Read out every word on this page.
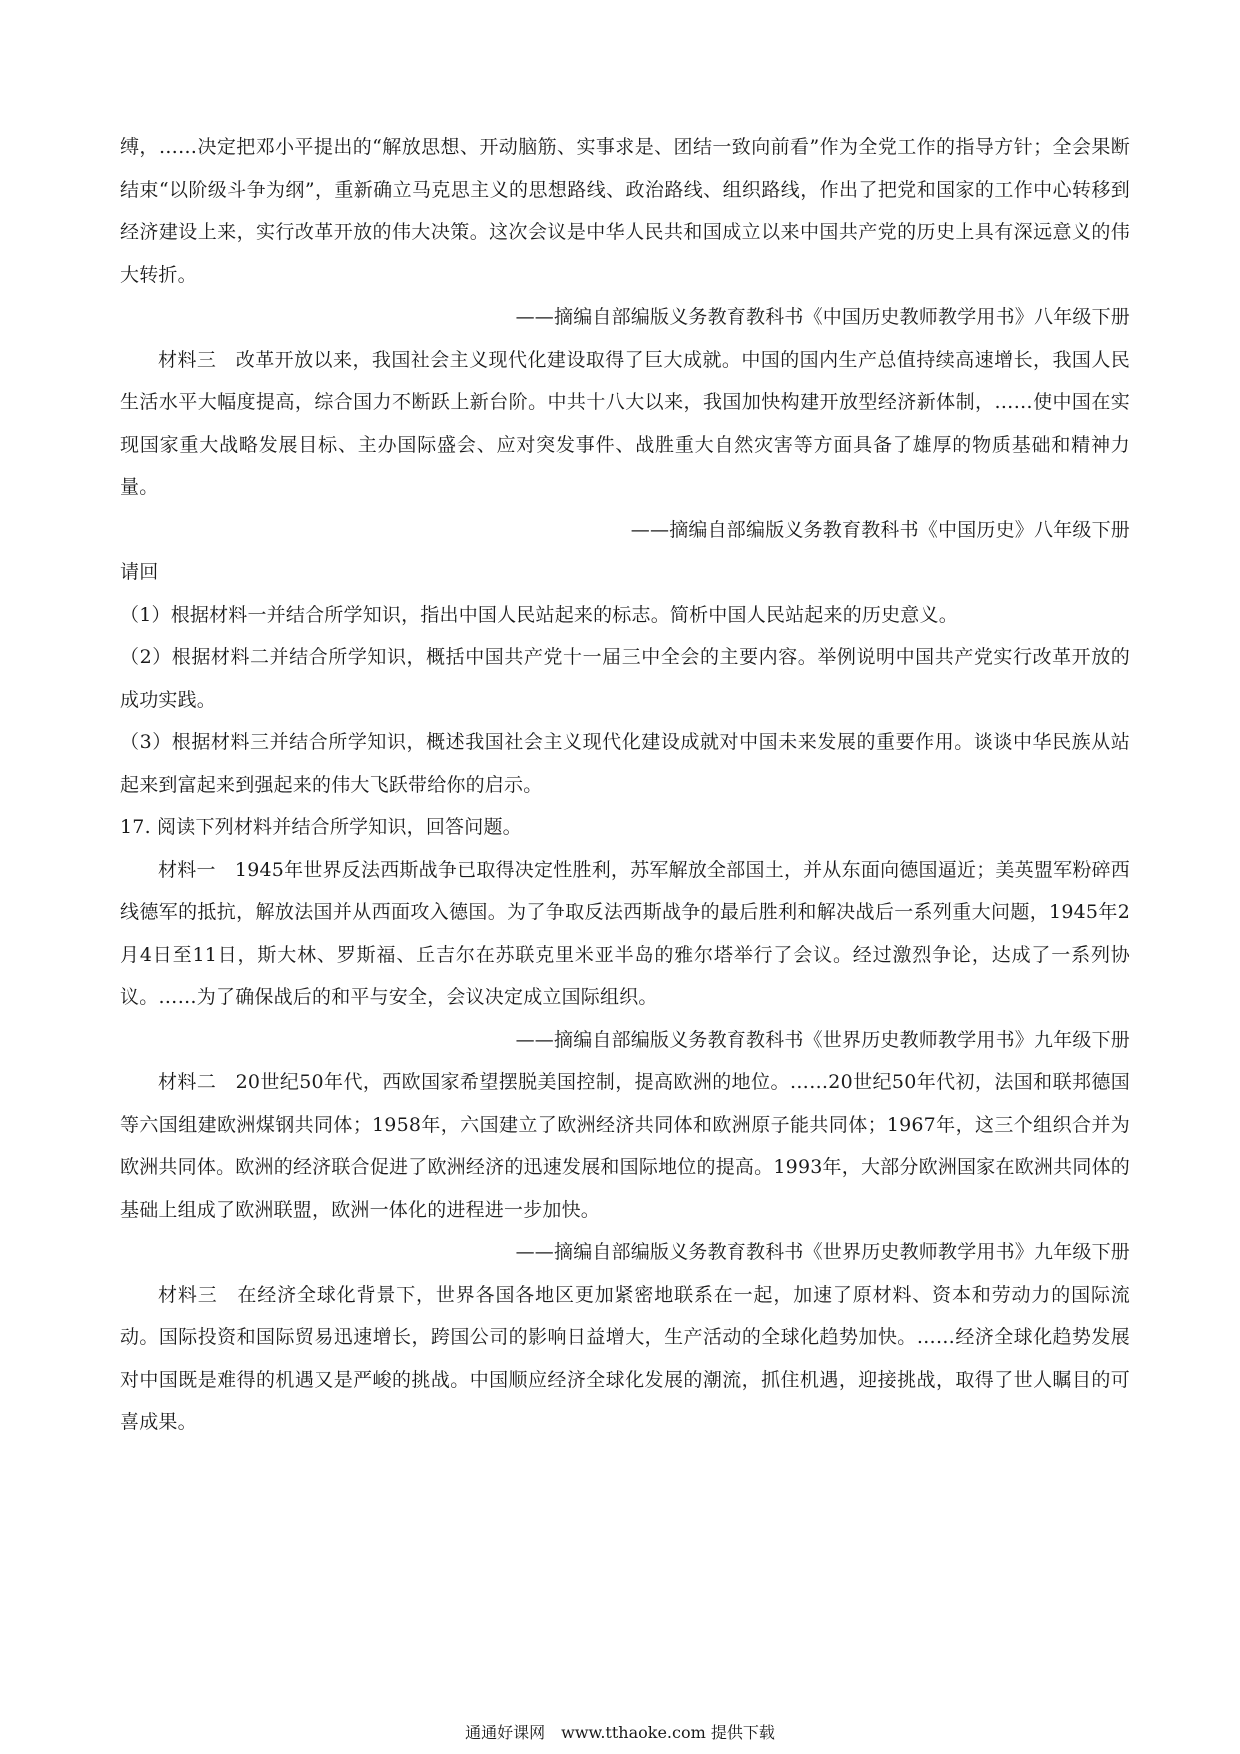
缚，……决定把邓小平提出的“解放思想、开动脑筋、实事求是、团结一致向前看”作为全党工作的指导方针；全会果断结束“以阶级斗争为纲”，重新确立马克思主义的思想路线、政治路线、组织路线，作出了把党和国家的工作中心转移到经济建设上来，实行改革开放的伟大决策。这次会议是中华人民共和国成立以来中国共产党的历史上具有深远意义的伟大转折。

——摘编自部编版义务教育教科书《中国历史教师教学用书》八年级下册

材料三　改革开放以来，我国社会主义现代化建设取得了巨大成就。中国的国内生产总值持续高速增长，我国人民生活水平大幅度提高，综合国力不断跃上新台阶。中共十八大以来，我国加快构建开放型经济新体制，……使中国在实现国家重大战略发展目标、主办国际盛会、应对突发事件、战胜重大自然灾害等方面具备了雄厚的物质基础和精神力量。

——摘编自部编版义务教育教科书《中国历史》八年级下册

请回

（1）根据材料一并结合所学知识，指出中国人民站起来的标志。简析中国人民站起来的历史意义。

（2）根据材料二并结合所学知识，概括中国共产党十一届三中全会的主要内容。举例说明中国共产党实行改革开放的成功实践。

（3）根据材料三并结合所学知识，概述我国社会主义现代化建设成就对中国未来发展的重要作用。谈谈中华民族从站起来到富起来到强起来的伟大飞跃带给你的启示。

17. 阅读下列材料并结合所学知识，回答问题。

材料一　1945年世界反法西斯战争已取得决定性胜利，苏军解放全部国土，并从东面向德国逼近；美英盟军粉碎西线德军的抵抗，解放法国并从西面攻入德国。为了争取反法西斯战争的最后胜利和解决战后一系列重大问题，1945年2月4日至11日，斯大林、罗斯福、丘吉尔在苏联克里米亚半岛的雅尔塔举行了会议。经过激烈争论，达成了一系列协议。……为了确保战后的和平与安全，会议决定成立国际组织。

——摘编自部编版义务教育教科书《世界历史教师教学用书》九年级下册

材料二　20世纪50年代，西欧国家希望摆脱美国控制，提高欧洲的地位。……20世纪50年代初，法国和联邦德国等六国组建欧洲煤钢共同体；1958年，六国建立了欧洲经济共同体和欧洲原子能共同体；1967年，这三个组织合并为欧洲共同体。欧洲的经济联合促进了欧洲经济的迅速发展和国际地位的提高。1993年，大部分欧洲国家在欧洲共同体的基础上组成了欧洲联盟，欧洲一体化的进程进一步加快。

——摘编自部编版义务教育教科书《世界历史教师教学用书》九年级下册

材料三　在经济全球化背景下，世界各国各地区更加紧密地联系在一起，加速了原材料、资本和劳动力的国际流动。国际投资和国际贸易迅速增长，跨国公司的影响日益增大，生产活动的全球化趋势加快。……经济全球化趋势发展对中国既是难得的机遇又是严峻的挑战。中国顺应经济全球化发展的潮流，抓住机遇，迎接挑战，取得了世人瞩目的可喜成果。

通通好课网　www.tthaoke.com 提供下载
